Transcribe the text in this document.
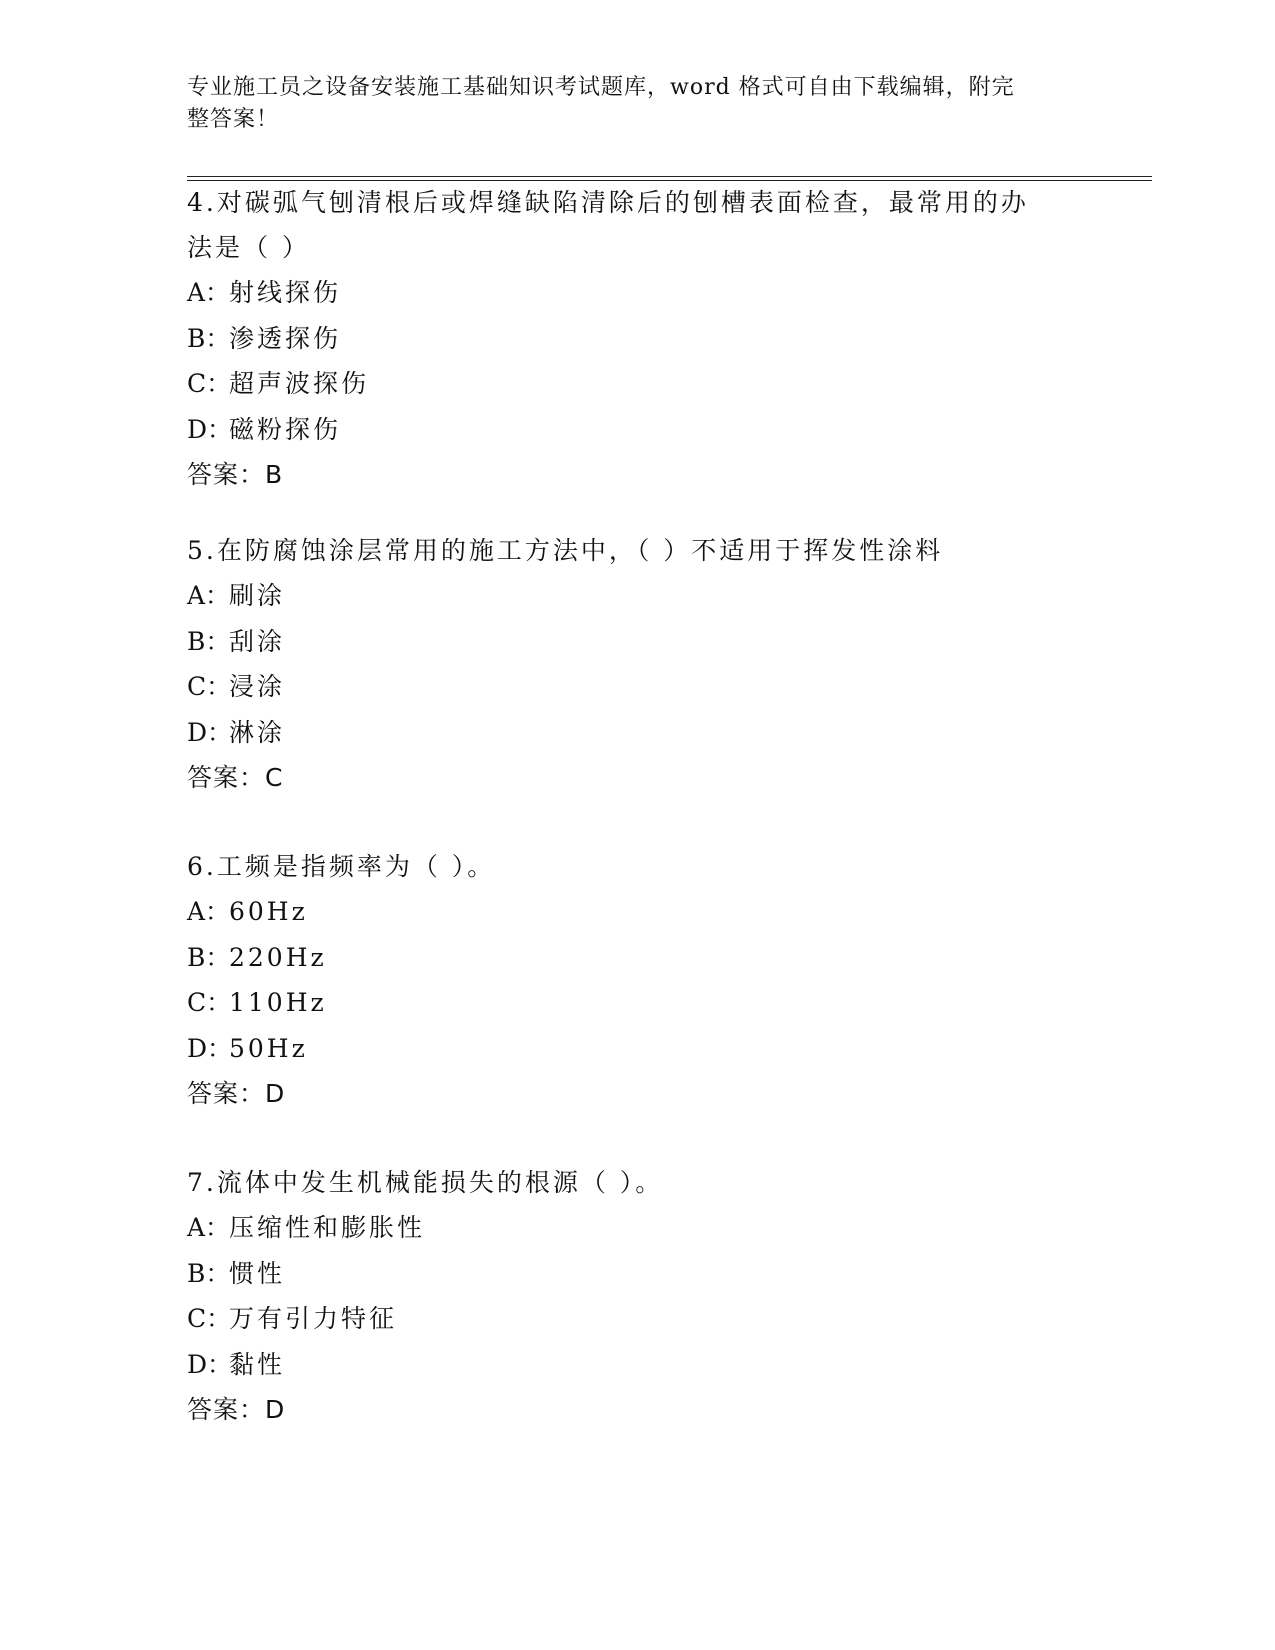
专业施工员之设备安装施工基础知识考试题库，word 格式可自由下载编辑，附完
整答案！
4.对碳弧气刨清根后或焊缝缺陷清除后的刨槽表面检查，最常用的办
法是（ ）
A：射线探伤
B：渗透探伤
C：超声波探伤
D：磁粉探伤
答案：B
5.在防腐蚀涂层常用的施工方法中，（ ）不适用于挥发性涂料
A：刷涂
B：刮涂
C：浸涂
D：淋涂
答案：C
6.工频是指频率为（ ）。
A：60Hz
B：220Hz
C：110Hz
D：50Hz
答案：D
7.流体中发生机械能损失的根源（ ）。
A：压缩性和膨胀性
B：惯性
C：万有引力特征
D：黏性
答案：D
